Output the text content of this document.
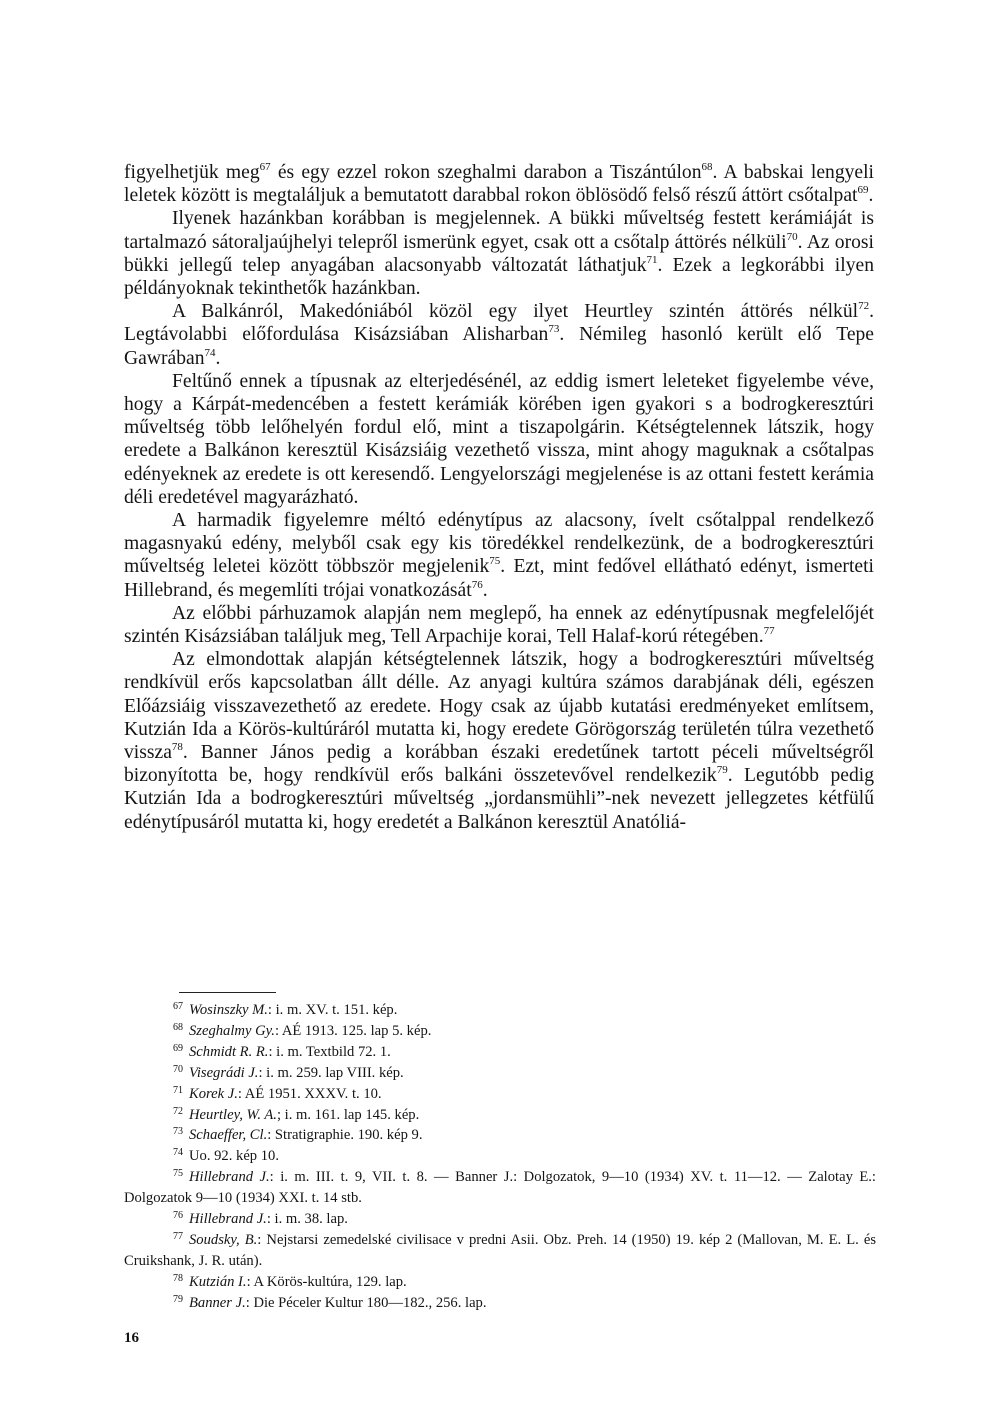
figyelhetjük meg$^{67}$ és egy ezzel rokon szeghalmi darabon a Tiszántúlon$^{68}$. A babskai lengyeli leletek között is megtaláljuk a bemutatott darabbal rokon öblösödő felső részű áttört csőtalpat$^{69}$.

Ilyenek hazánkban korábban is megjelennek. A bükki műveltség festett kerámiáját is tartalmazó sátoraljaújhelyi telepről ismerünk egyet, csak ott a csőtalp áttörés nélküli$^{70}$. Az orosi bükki jellegű telep anyagában alacsonyabb változatát láthatjuk$^{71}$. Ezek a legkorábbi ilyen példányoknak tekinthetők hazánkban.

A Balkánról, Makedóniából közöl egy ilyet Heurtley szintén áttörés nélkül$^{72}$. Legtávolabbi előfordulása Kisázsiában Alisharban$^{73}$. Némileg hasonló került elő Tepe Gawrában$^{74}$.

Feltűnő ennek a típusnak az elterjedésénél, az eddig ismert leleteket figyelembe véve, hogy a Kárpát-medencében a festett kerámiák körében igen gyakori s a bodrogkeresztúri műveltség több lelőhelyén fordul elő, mint a tiszapolgárin. Kétségtelennek látszik, hogy eredete a Balkánon keresztül Kisázsiáig vezethető vissza, mint ahogy maguknak a csőtalpas edényeknek az eredete is ott keresendő. Lengyelországi megjelenése is az ottani festett kerámia déli eredetével magyarázható.

A harmadik figyelemre méltó edénytípus az alacsony, ívelt csőtalppal rendelkező magasnyakú edény, melyből csak egy kis töredékkel rendelkezünk, de a bodrogkeresztúri műveltség leletei között többször megjelenik$^{75}$. Ezt, mint fedővel ellátható edényt, ismerteti Hillebrand, és megemlíti trójai vonatkozását$^{76}$.

Az előbbi párhuzamok alapján nem meglepő, ha ennek az edénytípusnak megfelelőjét szintén Kisázsiában találjuk meg, Tell Arpachije korai, Tell Halaf-korú rétegében.$^{77}$

Az elmondottak alapján kétségtelennek látszik, hogy a bodrogkeresztúri műveltség rendkívül erős kapcsolatban állt délle. Az anyagi kultúra számos darabjának déli, egészen Előázsiáig visszavezethető az eredete. Hogy csak az újabb kutatási eredményeket említsem, Kutzián Ida a Körös-kultúráról mutatta ki, hogy eredete Görögország területén túlra vezethető vissza$^{78}$. Banner János pedig a korábban északi eredetűnek tartott péceli műveltségről bizonyította be, hogy rendkívül erős balkáni összetevővel rendelkezik$^{79}$. Legutóbb pedig Kutzián Ida a bodrogkeresztúri műveltség „jordansmühli”-nek nevezett jellegzetes kétfülű edénytípusáról mutatta ki, hogy eredetét a Balkánon keresztül Anatóliá-

$^{67}$ Wosinszky M.: i. m. XV. t. 151. kép.

$^{68}$ Szeghalmy Gy.: AÉ 1913. 125. lap 5. kép.

$^{69}$ Schmidt R. R.: i. m. Textbild 72. 1.

$^{70}$ Visegrádi J.: i. m. 259. lap VIII. kép.

$^{71}$ Korek J.: AÉ 1951. XXXV. t. 10.

$^{72}$ Heurtley, W. A.; i. m. 161. lap 145. kép.

$^{73}$ Schaeffer, Cl.: Stratigraphie. 190. kép 9.

$^{74}$ Uo. 92. kép 10.

$^{75}$ Hillebrand J.: i. m. III. t. 9, VII. t. 8. — Banner J.: Dolgozatok, 9—10 (1934) XV. t. 11—12. — Zalotay E.: Dolgozatok 9—10 (1934) XXI. t. 14 stb.

$^{76}$ Hillebrand J.: i. m. 38. lap.

$^{77}$ Soudsky, B.: Nejstarsi zemedelské civilisace v predni Asii. Obz. Preh. 14 (1950) 19. kép 2 (Mallovan, M. E. L. és Cruikshank, J. R. után).

$^{78}$ Kutzián I.: A Körös-kultúra, 129. lap.

$^{79}$ Banner J.: Die Péceler Kultur 180—182., 256. lap.

16
